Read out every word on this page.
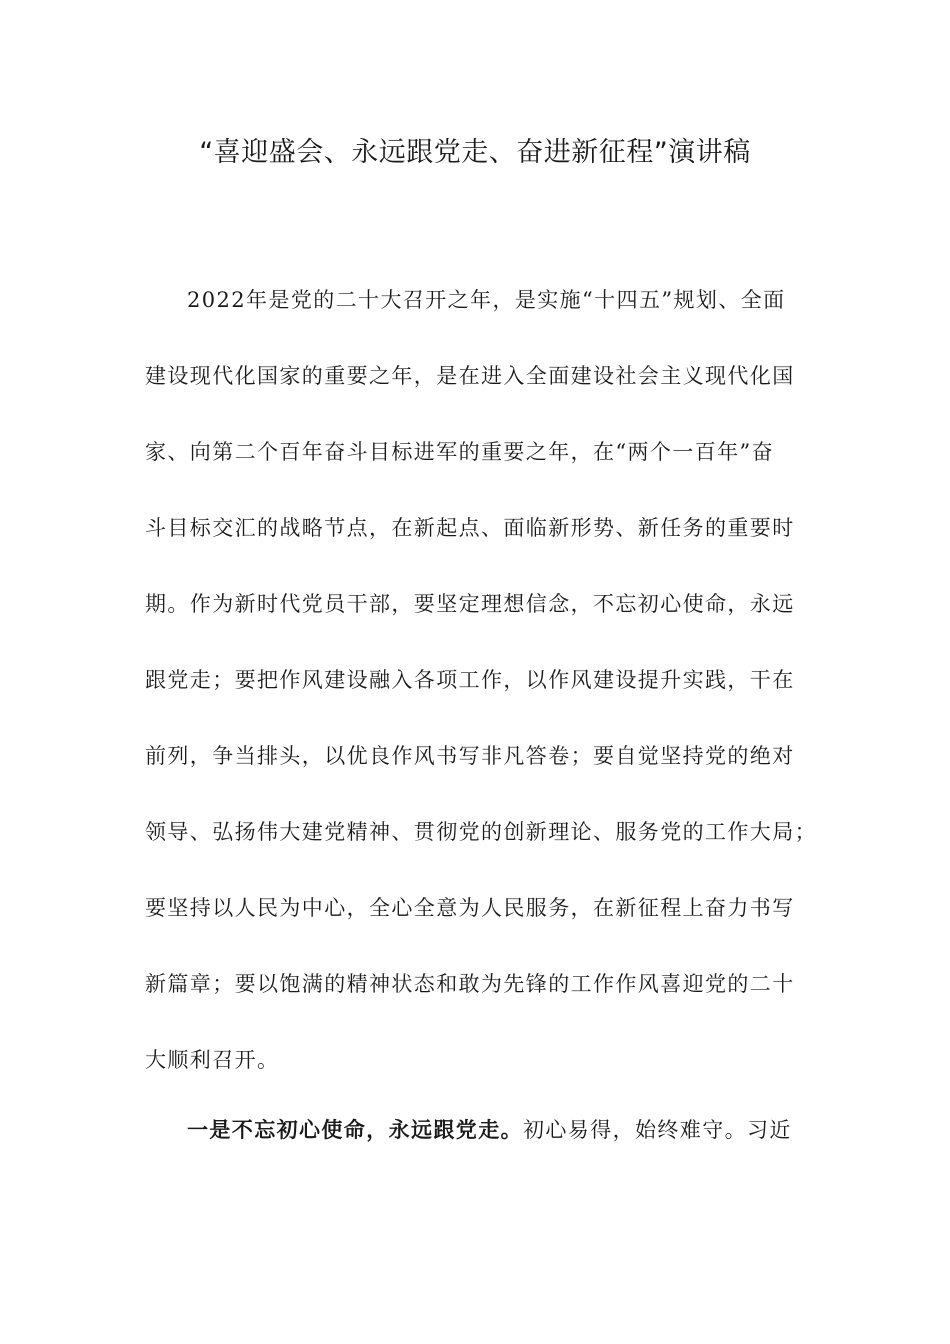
“喜迎盛会、永远跟党走、奋进新征程”演讲稿
2022年是党的二十大召开之年，是实施“十四五”规划、全面
建设现代化国家的重要之年，是在进入全面建设社会主义现代化国
家、向第二个百年奋斗目标进军的重要之年，在“两个一百年”奋
斗目标交汇的战略节点，在新起点、面临新形势、新任务的重要时
期。作为新时代党员干部，要坚定理想信念，不忘初心使命，永远
跟党走；要把作风建设融入各项工作，以作风建设提升实践，干在
前列，争当排头，以优良作风书写非凡答卷；要自觉坚持党的绝对
领导、弘扬伟大建党精神、贯彻党的创新理论、服务党的工作大局；
要坚持以人民为中心，全心全意为人民服务，在新征程上奋力书写
新篇章；要以饱满的精神状态和敢为先锋的工作作风喜迎党的二十
大顺利召开。
一是不忘初心使命，永远跟党走。初心易得，始终难守。习近
